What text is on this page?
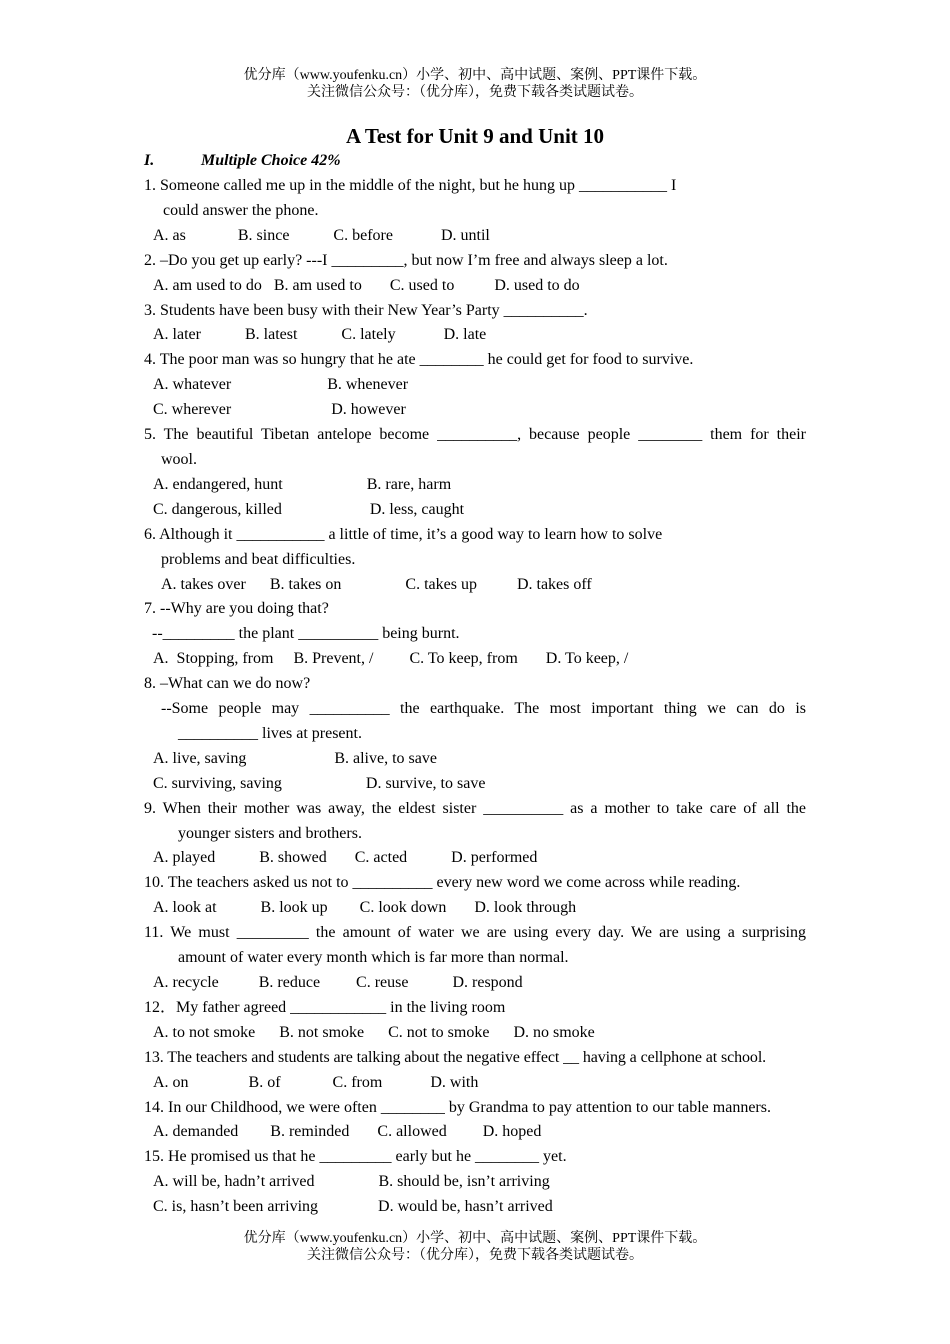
优分库（www.youfenku.cn）小学、初中、高中试题、案例、PPT课件下载。
关注微信公众号：（优分库），免费下载各类试题试卷。
A Test for Unit 9 and Unit 10
I.	Multiple Choice 42%

1. Someone called me up in the middle of the night, but he hung up ___________ I

could answer the phone.

A. as             B. since           C. before            D. until

2. –Do you get up early? ---I _________, but now I’m free and always sleep a lot.

A. am used to do   B. am used to       C. used to          D. used to do

3. Students have been busy with their New Year’s Party __________.

A. later           B. latest           C. lately            D. late

4. The poor man was so hungry that he ate ________ he could get for food to survive.

A. whatever                        B. whenever

C. wherever                         D. however

5. The beautiful Tibetan antelope become __________, because people ________ them for their

wool.

A. endangered, hunt                     B. rare, harm

C. dangerous, killed                      D. less, caught

6. Although it ___________ a little of time, it’s a good way to learn how to solve

problems and beat difficulties.

A. takes over      B. takes on                C. takes up          D. takes off

7. --Why are you doing that?

--_________ the plant __________ being burnt.

A.  Stopping, from     B. Prevent, /         C. To keep, from       D. To keep, /

8. –What can we do now?

--Some people may __________ the earthquake. The most important thing we can do is __________ lives at present.

A. live, saving                      B. alive, to save

C. surviving, saving                     D. survive, to save

9. When their mother was away, the eldest sister __________ as a mother to take care of all the

younger sisters and brothers.

A. played           B. showed       C. acted           D. performed

10. The teachers asked us not to __________ every new word we come across while reading.

A. look at           B. look up        C. look down       D. look through

11. We must _________ the amount of water we are using every day. We are using a surprising

amount of water every month which is far more than normal.

A. recycle          B. reduce         C. reuse           D. respond

12．My father agreed ____________ in the living room

A. to not smoke      B. not smoke      C. not to smoke      D. no smoke

13. The teachers and students are talking about the negative effect __ having a cellphone at school.

A. on               B. of             C. from            D. with

14. In our Childhood, we were often ________ by Grandma to pay attention to our table manners.

A. demanded        B. reminded       C. allowed         D. hoped

15. He promised us that he _________ early but he ________ yet.

A. will be, hadn’t arrived                B. should be, isn’t arriving

C. is, hasn’t been arriving               D. would be, hasn’t arrived

优分库（www.youfenku.cn）小学、初中、高中试题、案例、PPT课件下载。
关注微信公众号：（优分库），免费下载各类试题试卷。
